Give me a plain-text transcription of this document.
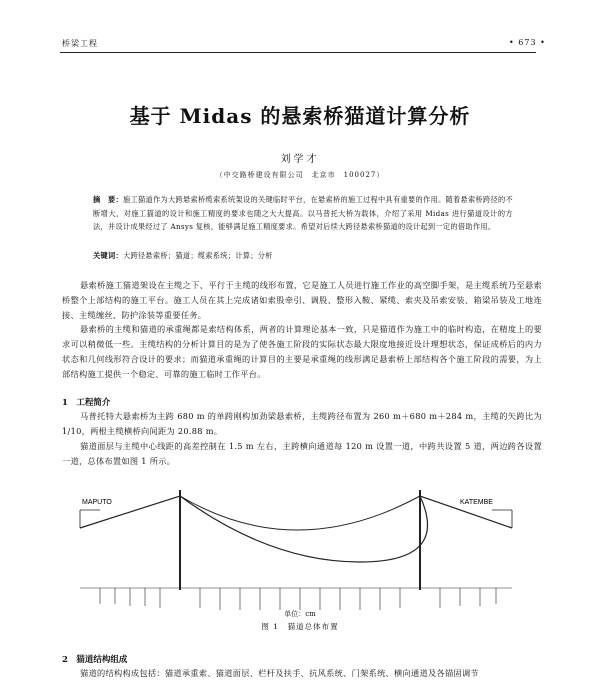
桥梁工程	• 673 •
基于 Midas 的悬索桥猫道计算分析
刘学才
（中交路桥建设有限公司　北京市　100027）
摘　要：施工猫道作为大跨悬索桥缆索系统架设的关键临时平台，在悬索桥的施工过程中具有重要的作用。随着悬索桥跨径的不断增大，对施工猫道的设计和施工精度的要求也随之大大提高。以马普托大桥为载体，介绍了采用 Midas 进行猫道设计的方法，并设计成果经过了 Ansys 复核，能够满足施工精度要求。希望对后续大跨径悬索桥猫道的设计起到一定的借助作用。
关键词：大跨径悬索桥；猫道；缆索系统；计算；分析

悬索桥施工猫道架设在主缆之下、平行于主缆的线形布置，它是施工人员进行施工作业的高空脚手架，是主缆系统乃至悬索桥整个上部结构的施工平台。施工人员在其上完成诸如索股牵引、调股、整形入鞍、紧缆、索夹及吊索安装、箱梁吊装及工地连接、主缆缠丝、防护涂装等重要任务。

悬索桥的主缆和猫道的承重绳都是索结构体系，两者的计算理论基本一致，只是猫道作为施工中的临时构造，在精度上的要求可以稍微低一些。主缆结构的分析计算目的是为了使各施工阶段的实际状态最大限度地接近设计理想状态，保证成桥后的内力状态和几何线形符合设计的要求；而猫道承重绳的计算目的主要是承重绳的线形满足悬索桥上部结构各个施工阶段的需要，为上部结构施工提供一个稳定、可靠的施工临时工作平台。

1　工程简介

马普托特大悬索桥为主跨 680 m 的单跨刚构加劲梁悬索桥，主缆跨径布置为 260 m＋680 m＋284 m，主缆的矢跨比为 1/10，两根主缆横桥向间距为 20.88 m。

猫道面层与主缆中心线距的高差控制在 1.5 m 左右，主跨横向通道每 120 m 设置一道，中跨共设置 5 道，两边跨各设置一道，总体布置如图 1 所示。

MAPUTO	KATEMBE
单位：cm
图 1　猫道总体布置
2　猫道结构组成

猫道的结构构成包括：猫道承重索、猫道面层、栏杆及扶手、抗风系统、门架系统、横向通道及各锚固调节
